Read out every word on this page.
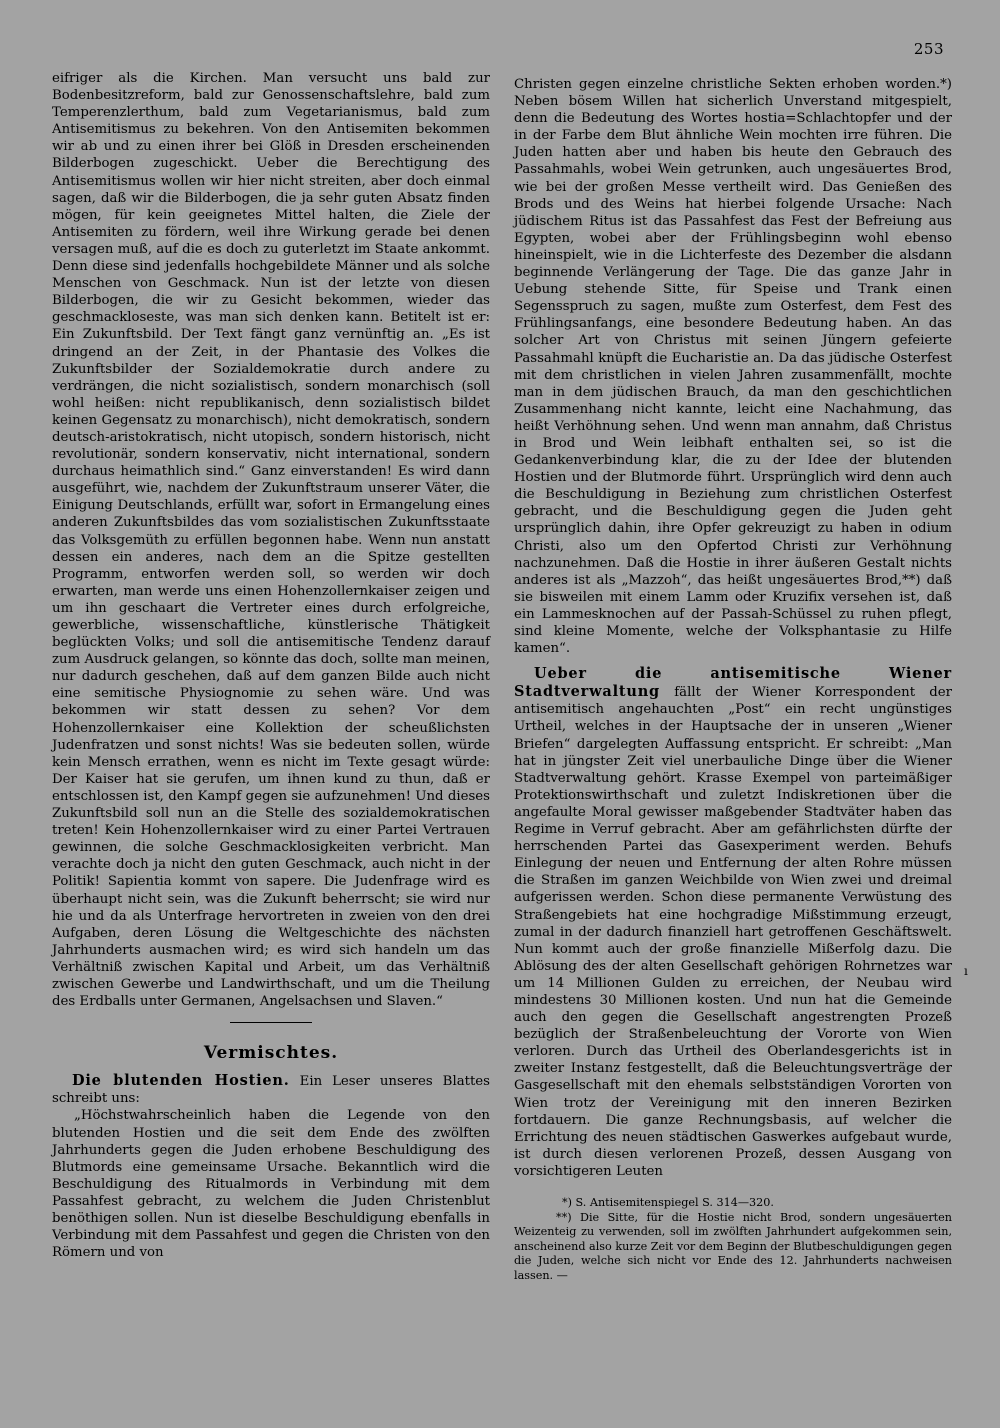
253

eifriger als die Kirchen. Man versucht uns bald zur Bodenbesitzreform, bald zur Genossenschaftslehre, bald zum Temperenzlerthum, bald zum Vegetarianismus, bald zum Antisemitismus zu bekehren. Von den Antisemiten bekommen wir ab und zu einen ihrer bei Glöß in Dresden erscheinenden Bilderbogen zugeschickt. Ueber die Berechtigung des Antisemitismus wollen wir hier nicht streiten, aber doch einmal sagen, daß wir die Bilderbogen, die ja sehr guten Absatz finden mögen, für kein geeignetes Mittel halten, die Ziele der Antisemiten zu fördern, weil ihre Wirkung gerade bei denen versagen muß, auf die es doch zu guterletzt im Staate ankommt. Denn diese sind jedenfalls hochgebildete Männer und als solche Menschen von Geschmack. Nun ist der letzte von diesen Bilderbogen, die wir zu Gesicht bekommen, wieder das geschmackloseste, was man sich denken kann. Betitelt ist er: Ein Zukunftsbild. Der Text fängt ganz vernünftig an. „Es ist dringend an der Zeit, in der Phantasie des Volkes die Zukunftsbilder der Sozialdemokratie durch andere zu verdrängen, die nicht sozialistisch, sondern monarchisch (soll wohl heißen: nicht republikanisch, denn sozialistisch bildet keinen Gegensatz zu monarchisch), nicht demokratisch, sondern deutsch-aristokratisch, nicht utopisch, sondern historisch, nicht revolutionär, sondern konservativ, nicht international, sondern durchaus heimathlich sind.“ Ganz einverstanden! Es wird dann ausgeführt, wie, nachdem der Zukunftstraum unserer Väter, die Einigung Deutschlands, erfüllt war, sofort in Ermangelung eines anderen Zukunftsbildes das vom sozialistischen Zukunftsstaate das Volksgemüth zu erfüllen begonnen habe. Wenn nun anstatt dessen ein anderes, nach dem an die Spitze gestellten Programm, entworfen werden soll, so werden wir doch erwarten, man werde uns einen Hohenzollernkaiser zeigen und um ihn geschaart die Vertreter eines durch erfolgreiche, gewerbliche, wissenschaftliche, künstlerische Thätigkeit beglückten Volks; und soll die antisemitische Tendenz darauf zum Ausdruck gelangen, so könnte das doch, sollte man meinen, nur dadurch geschehen, daß auf dem ganzen Bilde auch nicht eine semitische Physiognomie zu sehen wäre. Und was bekommen wir statt dessen zu sehen? Vor dem Hohenzollernkaiser eine Kollektion der scheußlichsten Judenfratzen und sonst nichts! Was sie bedeuten sollen, würde kein Mensch errathen, wenn es nicht im Texte gesagt würde: Der Kaiser hat sie gerufen, um ihnen kund zu thun, daß er entschlossen ist, den Kampf gegen sie aufzunehmen! Und dieses Zukunftsbild soll nun an die Stelle des sozialdemokratischen treten! Kein Hohenzollernkaiser wird zu einer Partei Vertrauen gewinnen, die solche Geschmacklosigkeiten verbricht. Man verachte doch ja nicht den guten Geschmack, auch nicht in der Politik! Sapientia kommt von sapere. Die Judenfrage wird es überhaupt nicht sein, was die Zukunft beherrscht; sie wird nur hie und da als Unterfrage hervortreten in zweien von den drei Aufgaben, deren Lösung die Weltgeschichte des nächsten Jahrhunderts ausmachen wird; es wird sich handeln um das Verhältniß zwischen Kapital und Arbeit, um das Verhältniß zwischen Gewerbe und Landwirthschaft, und um die Theilung des Erdballs unter Germanen, Angelsachsen und Slaven.“

Vermischtes.

Die blutenden Hostien. Ein Leser unseres Blattes schreibt uns:

„Höchstwahrscheinlich haben die Legende von den blutenden Hostien und die seit dem Ende des zwölften Jahrhunderts gegen die Juden erhobene Beschuldigung des Blutmords eine gemeinsame Ursache. Bekanntlich wird die Beschuldigung des Ritualmords in Verbindung mit dem Passahfest gebracht, zu welchem die Juden Christenblut benöthigen sollen. Nun ist dieselbe Beschuldigung ebenfalls in Verbindung mit dem Passahfest und gegen die Christen von den Römern und von

Christen gegen einzelne christliche Sekten erhoben worden.*) Neben bösem Willen hat sicherlich Unverstand mitgespielt, denn die Bedeutung des Wortes hostia=Schlachtopfer und der in der Farbe dem Blut ähnliche Wein mochten irre führen. Die Juden hatten aber und haben bis heute den Gebrauch des Passahmahls, wobei Wein getrunken, auch ungesäuertes Brod, wie bei der großen Messe vertheilt wird. Das Genießen des Brods und des Weins hat hierbei folgende Ursache: Nach jüdischem Ritus ist das Passahfest das Fest der Befreiung aus Egypten, wobei aber der Frühlingsbeginn wohl ebenso hineinspielt, wie in die Lichterfeste des Dezember die alsdann beginnende Verlängerung der Tage. Die das ganze Jahr in Uebung stehende Sitte, für Speise und Trank einen Segensspruch zu sagen, mußte zum Osterfest, dem Fest des Frühlingsanfangs, eine besondere Bedeutung haben. An das solcher Art von Christus mit seinen Jüngern gefeierte Passahmahl knüpft die Eucharistie an. Da das jüdische Osterfest mit dem christlichen in vielen Jahren zusammenfällt, mochte man in dem jüdischen Brauch, da man den geschichtlichen Zusammenhang nicht kannte, leicht eine Nachahmung, das heißt Verhöhnung sehen. Und wenn man annahm, daß Christus in Brod und Wein leibhaft enthalten sei, so ist die Gedankenverbindung klar, die zu der Idee der blutenden Hostien und der Blutmorde führt. Ursprünglich wird denn auch die Beschuldigung in Beziehung zum christlichen Osterfest gebracht, und die Beschuldigung gegen die Juden geht ursprünglich dahin, ihre Opfer gekreuzigt zu haben in odium Christi, also um den Opfertod Christi zur Verhöhnung nachzunehmen. Daß die Hostie in ihrer äußeren Gestalt nichts anderes ist als „Mazzoh“, das heißt ungesäuertes Brod,**) daß sie bisweilen mit einem Lamm oder Kruzifix versehen ist, daß ein Lammesknochen auf der Passah-Schüssel zu ruhen pflegt, sind kleine Momente, welche der Volksphantasie zu Hilfe kamen“.

Ueber die antisemitische Wiener Stadtverwaltung fällt der Wiener Korrespondent der antisemitisch angehauchten „Post“ ein recht ungünstiges Urtheil, welches in der Hauptsache der in unseren „Wiener Briefen“ dargelegten Auffassung entspricht. Er schreibt: „Man hat in jüngster Zeit viel unerbauliche Dinge über die Wiener Stadtverwaltung gehört. Krasse Exempel von parteimäßiger Protektionswirthschaft und zuletzt Indiskretionen über die angefaulte Moral gewisser maßgebender Stadtväter haben das Regime in Verruf gebracht. Aber am gefährlichsten dürfte der herrschenden Partei das Gasexperiment werden. Behufs Einlegung der neuen und Entfernung der alten Rohre müssen die Straßen im ganzen Weichbilde von Wien zwei und dreimal aufgerissen werden. Schon diese permanente Verwüstung des Straßengebiets hat eine hochgradige Mißstimmung erzeugt, zumal in der dadurch finanziell hart getroffenen Geschäftswelt. Nun kommt auch der große finanzielle Mißerfolg dazu. Die Ablösung des der alten Gesellschaft gehörigen Rohrnetzes war um 14 Millionen Gulden zu erreichen, der Neubau wird mindestens 30 Millionen kosten. Und nun hat die Gemeinde auch den gegen die Gesellschaft angestrengten Prozeß bezüglich der Straßenbeleuchtung der Vororte von Wien verloren. Durch das Urtheil des Oberlandesgerichts ist in zweiter Instanz festgestellt, daß die Beleuchtungsverträge der Gasgesellschaft mit den ehemals selbstständigen Vororten von Wien trotz der Vereinigung mit den inneren Bezirken fortdauern. Die ganze Rechnungsbasis, auf welcher die Errichtung des neuen städtischen Gaswerkes aufgebaut wurde, ist durch diesen verlorenen Prozeß, dessen Ausgang von vorsichtigeren Leuten

*) S. Antisemitenspiegel S. 314—320.

**) Die Sitte, für die Hostie nicht Brod, sondern ungesäuerten Weizenteig zu verwenden, soll im zwölften Jahrhundert aufgekommen sein, anscheinend also kurze Zeit vor dem Beginn der Blutbeschuldigungen gegen die Juden, welche sich nicht vor Ende des 12. Jahrhunderts nachweisen lassen. —

ı
